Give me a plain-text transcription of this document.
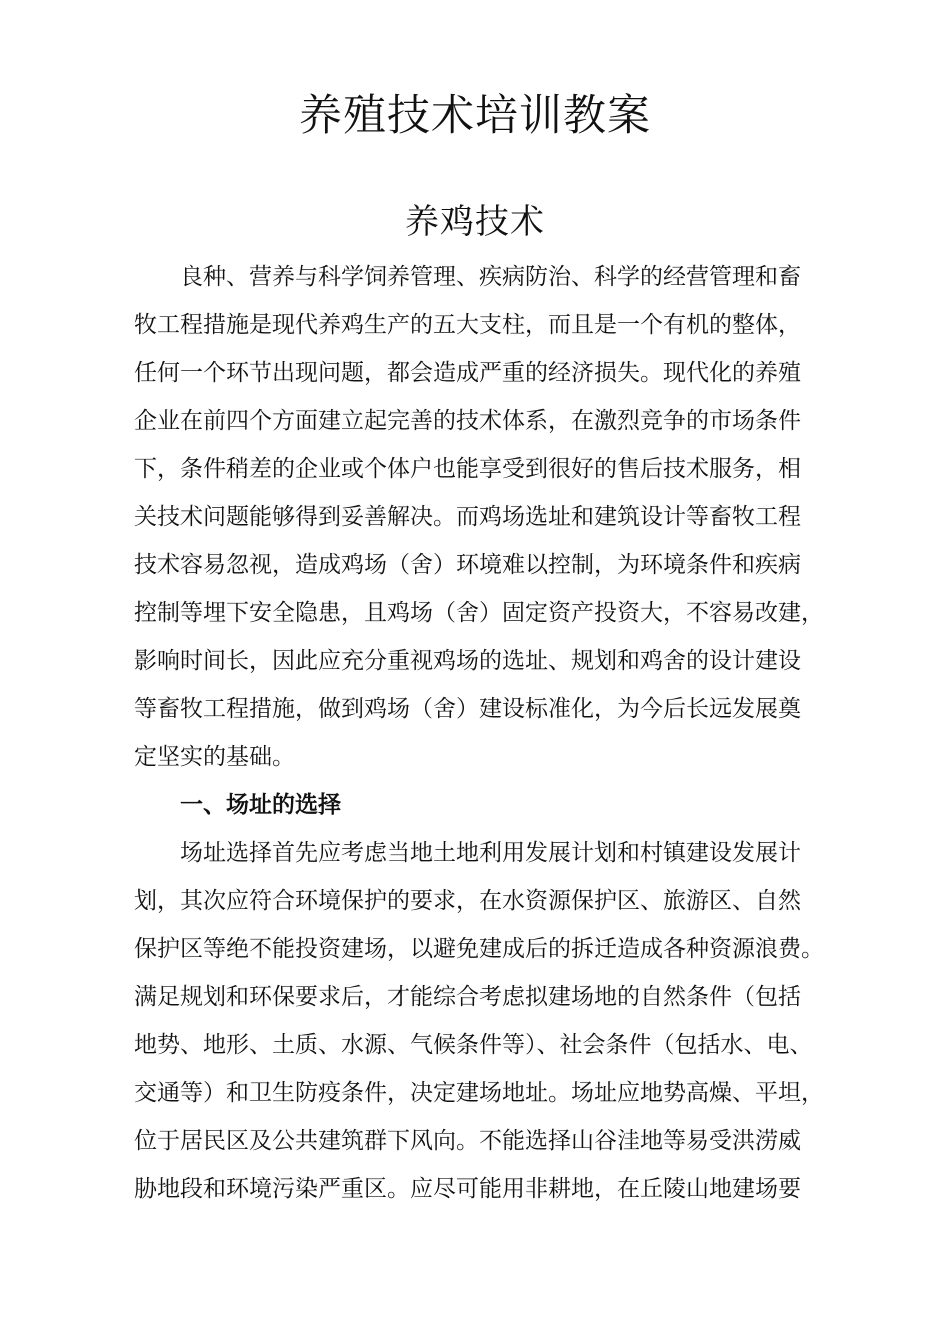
养殖技术培训教案
养鸡技术
良种、营养与科学饲养管理、疾病防治、科学的经营管理和畜
牧工程措施是现代养鸡生产的五大支柱，而且是一个有机的整体，
任何一个环节出现问题，都会造成严重的经济损失。现代化的养殖
企业在前四个方面建立起完善的技术体系，在激烈竞争的市场条件
下，条件稍差的企业或个体户也能享受到很好的售后技术服务，相
关技术问题能够得到妥善解决。而鸡场选址和建筑设计等畜牧工程
技术容易忽视，造成鸡场（舍）环境难以控制，为环境条件和疾病
控制等埋下安全隐患，且鸡场（舍）固定资产投资大，不容易改建，
影响时间长，因此应充分重视鸡场的选址、规划和鸡舍的设计建设
等畜牧工程措施，做到鸡场（舍）建设标准化，为今后长远发展奠
定坚实的基础。
一、场址的选择
场址选择首先应考虑当地土地利用发展计划和村镇建设发展计
划，其次应符合环境保护的要求，在水资源保护区、旅游区、自然
保护区等绝不能投资建场，以避免建成后的拆迁造成各种资源浪费。
满足规划和环保要求后，才能综合考虑拟建场地的自然条件（包括
地势、地形、土质、水源、气候条件等）、社会条件（包括水、电、
交通等）和卫生防疫条件，决定建场地址。场址应地势高燥、平坦，
位于居民区及公共建筑群下风向。不能选择山谷洼地等易受洪涝威
胁地段和环境污染严重区。应尽可能用非耕地，在丘陵山地建场要
